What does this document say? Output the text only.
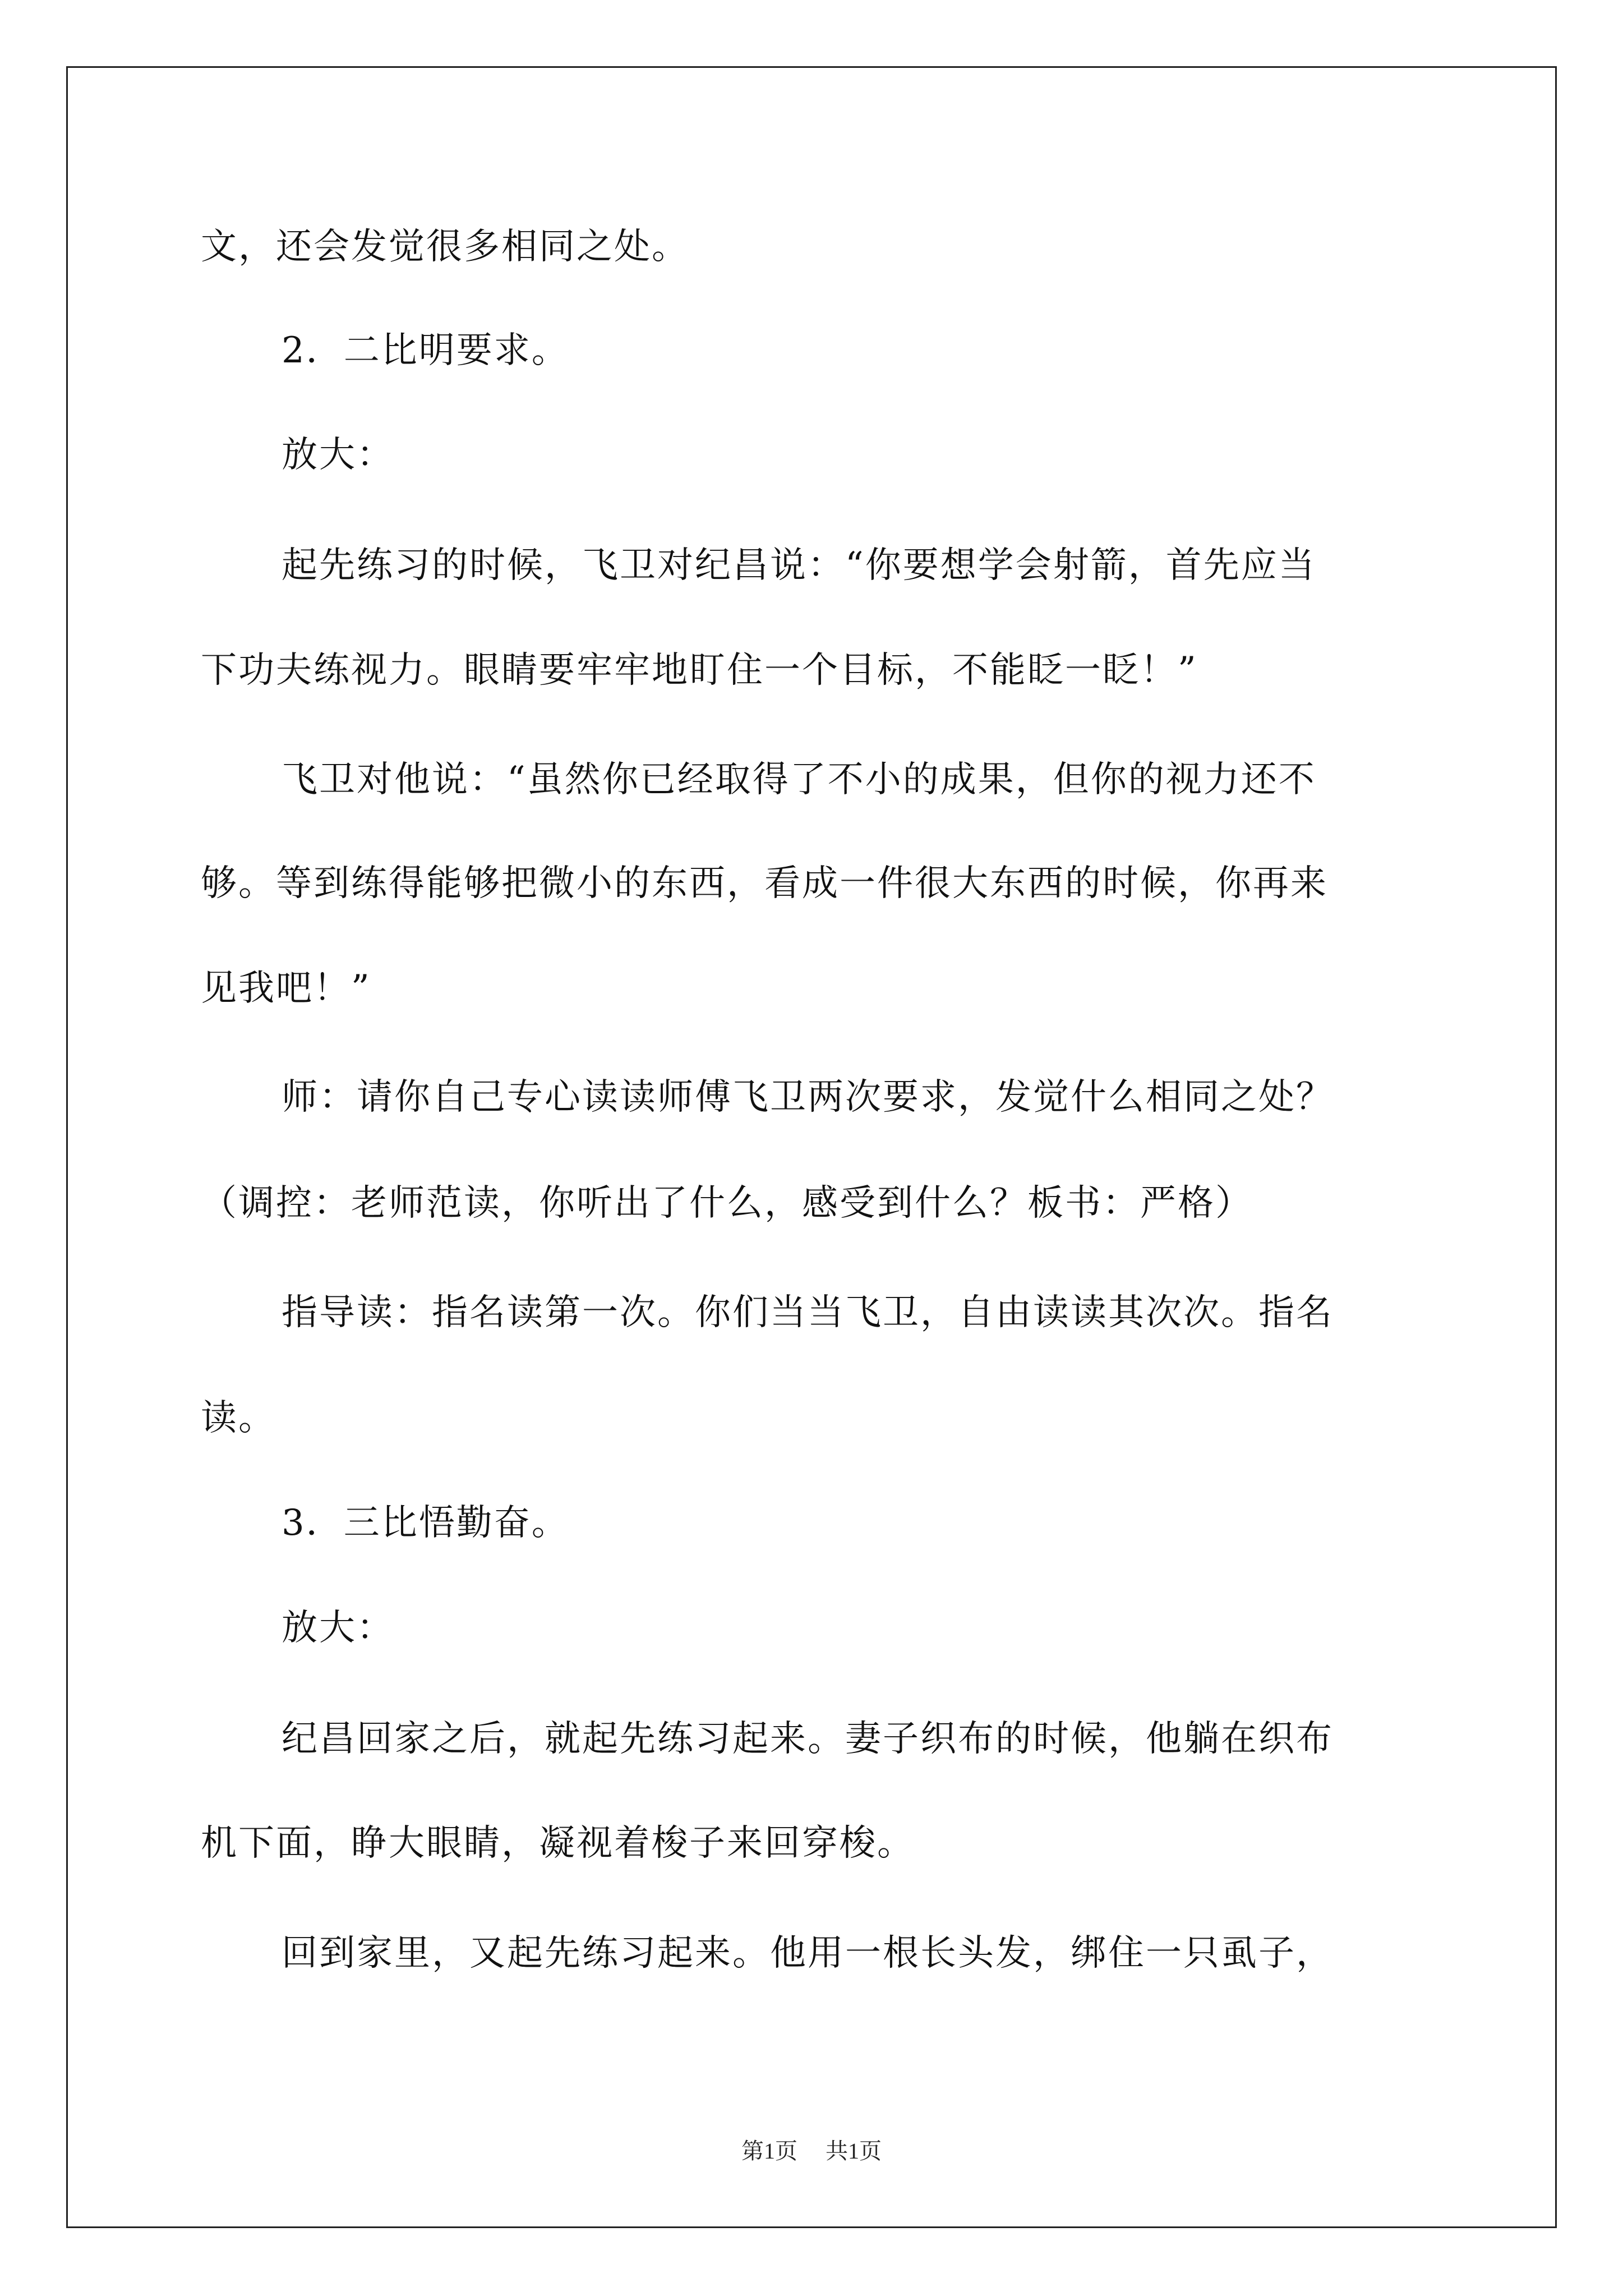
文，还会发觉很多相同之处。
2．二比明要求。
放大：
起先练习的时候，飞卫对纪昌说：“你要想学会射箭，首先应当
下功夫练视力。眼睛要牢牢地盯住一个目标，不能眨一眨！”
飞卫对他说：“虽然你已经取得了不小的成果，但你的视力还不
够。等到练得能够把微小的东西，看成一件很大东西的时候，你再来
见我吧！”
师：请你自己专心读读师傅飞卫两次要求，发觉什么相同之处？
（调控：老师范读，你听出了什么，感受到什么？板书：严格）
指导读：指名读第一次。你们当当飞卫，自由读读其次次。指名
读。
3．三比悟勤奋。
放大：
纪昌回家之后，就起先练习起来。妻子织布的时候，他躺在织布
机下面，睁大眼睛，凝视着梭子来回穿梭。
回到家里，又起先练习起来。他用一根长头发，绑住一只虱子，
第1页 共1页
